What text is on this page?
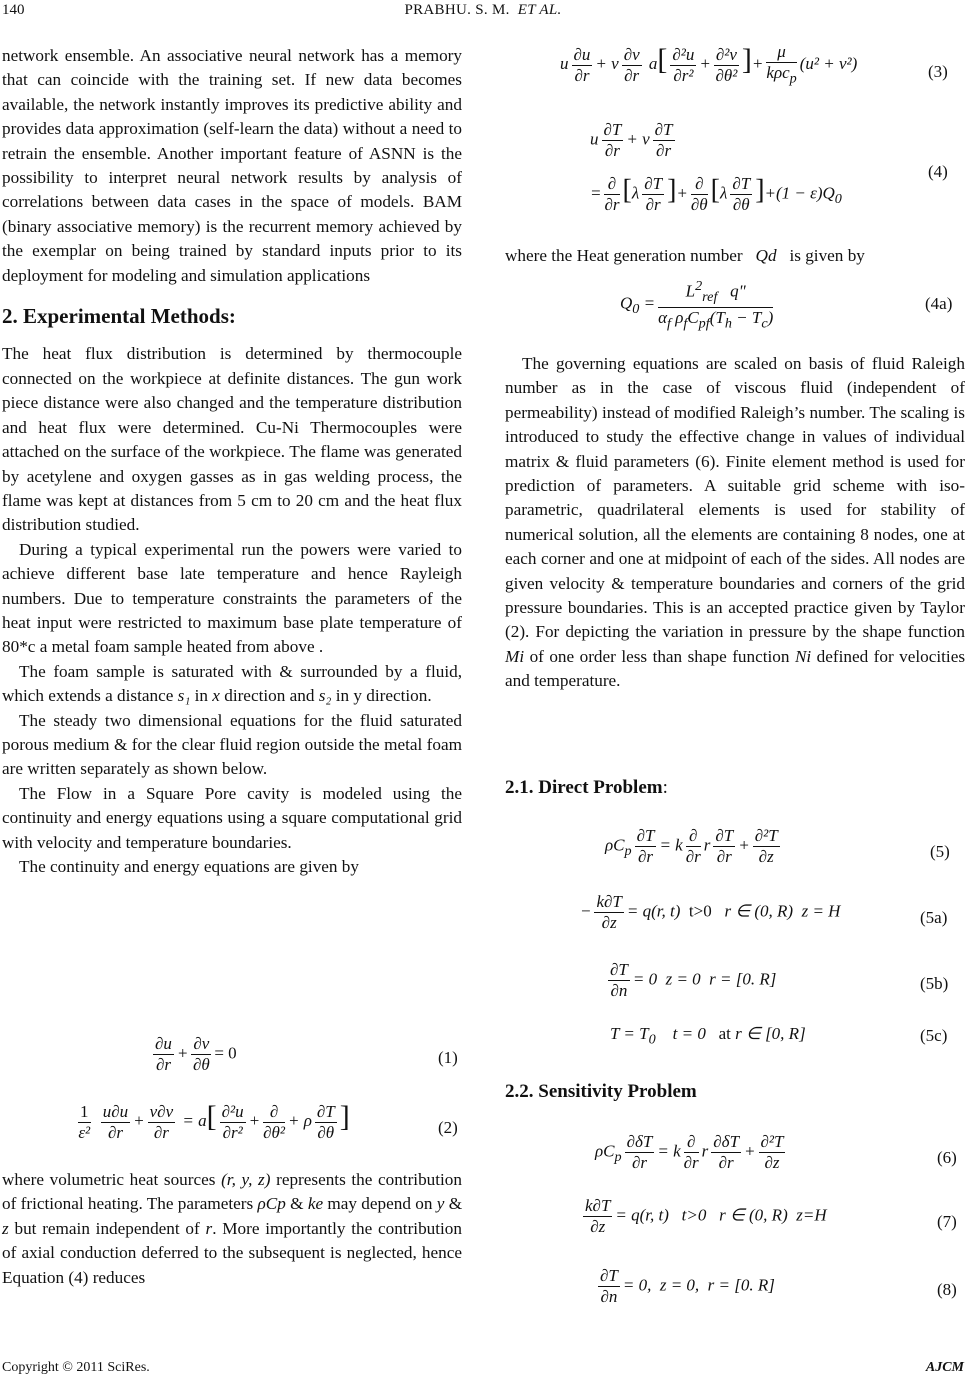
140	PRABHU. S. M. ET AL.

network ensemble. An associative neural network has a memory that can coincide with the training set. If new data becomes available, the network instantly improves its predictive ability and provides data approximation (self-learn the data) without a need to retrain the ensemble. Another important feature of ASNN is the possibility to interpret neural network results by analysis of correlations between data cases in the space of models. BAM (binary associative memory) is the recurrent memory achieved by the exemplar on being trained by standard inputs prior to its deployment for modeling and simulation applications

2. Experimental Methods:

The heat flux distribution is determined by thermocouple connected on the workpiece at definite distances. The gun work piece distance were also changed and the temperature distribution and heat flux were determined. Cu-Ni Thermocouples were attached on the surface of the workpiece. The flame was generated by acetylene and oxygen gasses as in gas welding process, the flame was kept at distances from 5 cm to 20 cm and the heat flux distribution studied.

During a typical experimental run the powers were varied to achieve different base late temperature and hence Rayleigh numbers. Due to temperature constraints the parameters of the heat input were restricted to maximum base plate temperature of 80*c a metal foam sample heated from above .

The foam sample is saturated with & surrounded by a fluid, which extends a distance s₁ in x direction and s₂ in y direction.

The steady two dimensional equations for the fluid saturated porous medium & for the clear fluid region outside the metal foam are written separately as shown below.

The Flow in a Square Pore cavity is modeled using the continuity and energy equations using a square computational grid with velocity and temperature boundaries.

The continuity and energy equations are given by

$\frac{\partial u}{\partial r} + \frac{\partial v}{\partial\theta} = 0$	(1)
$\frac{1}{\text{ε²}}$
$\frac{u\partial u}{\partial r} + \frac{v\partial v}{\partial r} = a[ \frac{\text{∂²u}}{\text{∂r²}} + \frac{\partial}{\text{∂θ²}} + \rho \frac{\partial T}{\partial\theta}$ ]	(2)

where volumetric heat sources (r, y, z) represents the contribution of frictional heating. The parameters ρCp & ke may depend on y & z but remain independent of r. More importantly the contribution of axial conduction deferred to the subsequent is neglected, hence Equation (4) reduces

u $\frac{\partial u}{\partial r} + v \frac{\partial v}{\partial r} a[ \frac{\text{∂²u}}{\text{∂r²}} + \frac{\text{∂²v}}{\text{∂θ²}}$ ]+ $\frac{\mu}{k\rho c_p} (u^2 + v^2)$	(3)
u $\frac{\partial T}{\partial r} + v \frac{\partial T}{\partial r}$
= $\frac{\partial}{\partial r} [\lambda \frac{\partial T}{\partial r}$ ]+ $\frac{\partial}{\partial\theta} [\lambda \frac{\partial T}{\partial\theta} ]+(1 - \varepsilon)Q_0$
(4)

where the Heat generation number Qd is given by

$Q_0 = \frac{L^2_{ref} q"}{\alpha_f \rho_fC_{pf}(T_h - T_c)}$	(4a)

The governing equations are scaled on basis of fluid Raleigh number as in the case of viscous fluid (independent of permeability) instead of modified Raleigh’s number. The scaling is introduced to study the effective change in values of individual matrix & fluid parameters (6). Finite element method is used for prediction of parameters. A suitable grid scheme with iso-parametric, quadrilateral elements is used for stability of numerical solution, all the elements are containing 8 nodes, one at each corner and one at midpoint of each of the sides. All nodes are given velocity & temperature boundaries and corners of the grid pressure boundaries. This is an accepted practice given by Taylor (2). For depicting the variation in pressure by the shape function Mi of one order less than shape function Ni defined for velocities and temperature.

2.1. Direct Problem:

$\rho C_p \frac{\partial T}{\partial r} = k \frac{\partial}{\partial r}$ r $\frac{\partial T}{\partial r} + \frac{\text{∂²T}}{\partial z}$	(5)
− $\frac{k\partial T}{\partial z} = q(r$, t)  t>0   r ∈ (0, R)  z = H	(5a)
$\frac{\partial T}{\partial n} = 0$  z = 0  r = [0. R]	(5b)
$T = T_0$    t = 0   at r ∈ [0, R]	(5c)

2.2. Sensitivity Problem

$\rho C_p \frac{\partial\delta T}{\partial r} = k \frac{\partial}{\partial r}$ r $\frac{\partial\delta T}{\partial r} + \frac{\text{∂²T}}{\partial z}$	(6)
$\frac{k\partial T}{\partial z} = q(r$, t)   t>0   r ∈ (0, R)  z=H	(7)
$\frac{\partial T}{\partial n} = 0$,  z = 0,  r = [0. R]	(8)
Copyright © 2011 SciRes.	AJCM
